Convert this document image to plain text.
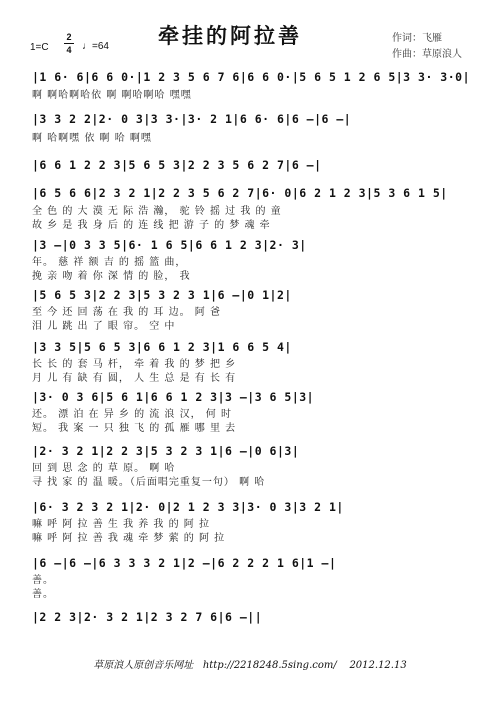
牵挂的阿拉善	作词：飞雁
作曲：草原浪人
1=C
2
4 ♩=64
|1 6· 6|6 6 0·|1 2 3 5 6 7 6|6 6 0·|5 6 5 1 2 6 5|3 3· 3·0|
啊 啊哈啊哈依 啊 啊哈啊哈 嘿嘿
|3 3 2 2|2· 0 3|3 3·|3· 2 1|6 6· 6|6 —|6 —|
啊 哈啊嘿 依 啊 哈 啊嘿
|6 6 1 2 2 3|5 6 5 3|2 2 3 5 6 2 7|6 —|
|6 5 6 6|2 3 2 1|2 2 3 5 6 2 7|6· 0|6 2 1 2 3|5 3 6 1 5|
全 色 的 大 漠 无 际 浩 瀚， 驼 铃 摇 过 我 的 童
故 乡 是 我 身 后 的 连 线 把 游 子 的 梦 魂 牵
|3 —|0 3 3 5|6· 1 6 5|6 6 1 2 3|2· 3|
年。 慈 祥 额 吉 的 摇 篮 曲，
挽 亲 吻 着 你 深 情 的 脸， 我
|5 6 5 3|2 2 3|5 3 2 3 1|6 —|0 1|2|
至 今 还 回 荡 在 我 的 耳 边。 阿 爸
泪 儿 跳 出 了 眼 帘。 空 中
|3 3 5|5 6 5 3|6 6 1 2 3|1 6 6 5 4|
长 长 的 套 马 杆， 牵 着 我 的 梦 把 乡
月 儿 有 缺 有 圆， 人 生 总 是 有 长 有
|3· 0 3 6|5 6 1|6 6 1 2 3|3 —|3 6 5|3|
还。 漂 泊 在 异 乡 的 流 浪 汉， 何 时
短。 我 案 一 只 独 飞 的 孤 雁 哪 里 去
|2· 3 2 1|2 2 3|5 3 2 3 1|6 —|0 6|3|
回 到 思 念 的 草 原。 啊 哈
寻 找 家 的 温 暖。（后面唱完重复一句） 啊 哈
|6· 3 2 3 2 1|2· 0|2 1 2 3 3|3· 0 3|3 2 1|
嘛 呼 阿 拉 善 生 我 养 我 的 阿 拉
嘛 呼 阿 拉 善 我 魂 牵 梦 萦 的 阿 拉
|6 —|6 —|6 3 3 3 2 1|2 —|6 2 2 2 1 6|1 —|
善。
善。
|2 2 3|2· 3 2 1|2 3 2 7 6|6 —||
草原浪人原创音乐网址 http://2218248.5sing.com/ 2012.12.13
